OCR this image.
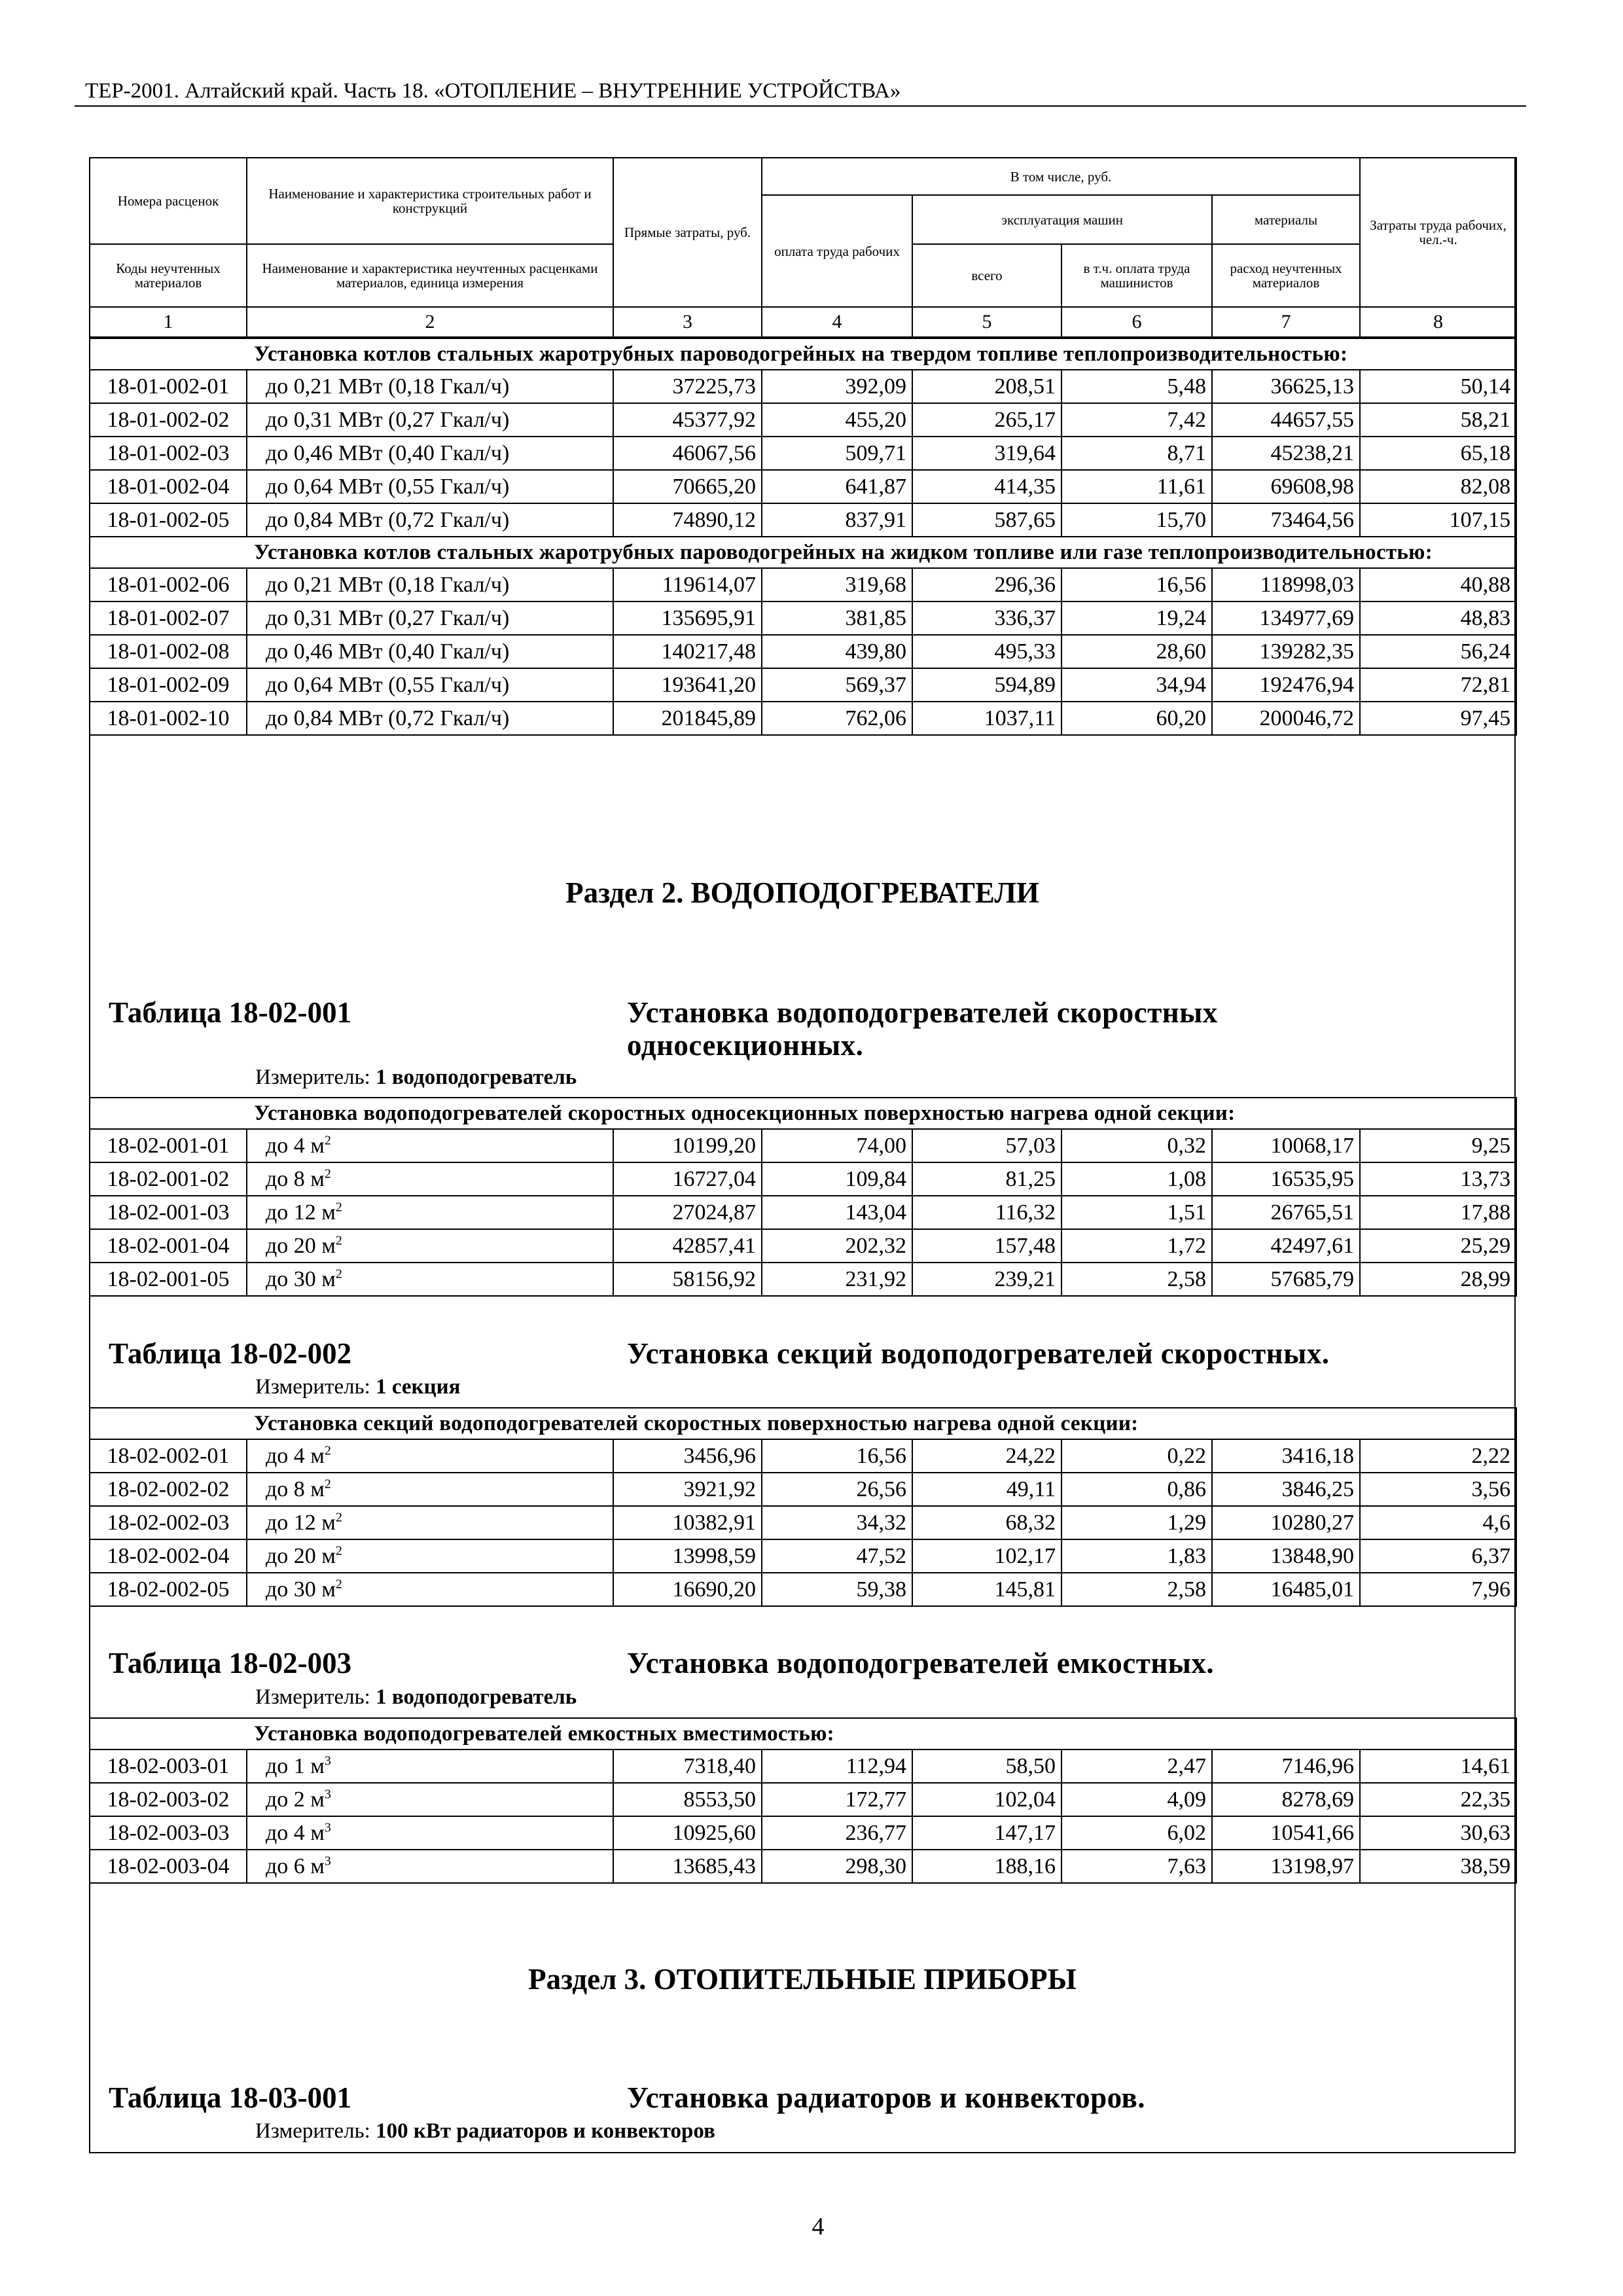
ТЕР-2001. Алтайский край. Часть 18. «ОТОПЛЕНИЕ – ВНУТРЕННИЕ УСТРОЙСТВА»
Номера расценок	Наименование и характеристика строительных работ и конструкций	Прямые затраты, руб.	В том числе, руб.				Затраты труда рабочих, чел.-ч.
			оплата труда рабочих	эксплуатация машин		материалы	
Коды неучтенных материалов	Наименование и характеристика неучтенных расценками материалов, единица измерения			всего	в т.ч. оплата труда машинистов	расход неучтенных материалов	
1	2	3	4	5	6	7	8
Установка котлов стальных жаротрубных пароводогрейных на твердом топливе теплопроизводительностью:							
18-01-002-01	до 0,21 МВт (0,18 Гкал/ч)	37225,73	392,09	208,51	5,48	36625,13	50,14
18-01-002-02	до 0,31 МВт (0,27 Гкал/ч)	45377,92	455,20	265,17	7,42	44657,55	58,21
18-01-002-03	до 0,46 МВт (0,40 Гкал/ч)	46067,56	509,71	319,64	8,71	45238,21	65,18
18-01-002-04	до 0,64 МВт (0,55 Гкал/ч)	70665,20	641,87	414,35	11,61	69608,98	82,08
18-01-002-05	до 0,84 МВт (0,72 Гкал/ч)	74890,12	837,91	587,65	15,70	73464,56	107,15
Установка котлов стальных жаротрубных пароводогрейных на жидком топливе или газе теплопроизводительностью:							
18-01-002-06	до 0,21 МВт (0,18 Гкал/ч)	119614,07	319,68	296,36	16,56	118998,03	40,88
18-01-002-07	до 0,31 МВт (0,27 Гкал/ч)	135695,91	381,85	336,37	19,24	134977,69	48,83
18-01-002-08	до 0,46 МВт (0,40 Гкал/ч)	140217,48	439,80	495,33	28,60	139282,35	56,24
18-01-002-09	до 0,64 МВт (0,55 Гкал/ч)	193641,20	569,37	594,89	34,94	192476,94	72,81
18-01-002-10	до 0,84 МВт (0,72 Гкал/ч)	201845,89	762,06	1037,11	60,20	200046,72	97,45
Раздел 2. ВОДОПОДОГРЕВАТЕЛИ
Таблица 18-02-001	Установка водоподогревателей скоростных односекционных.
Измеритель: 1 водоподогреватель
Установка водоподогревателей скоростных односекционных поверхностью нагрева одной секции:							
18-02-001-01	до 4 $м^2$	10199,20	74,00	57,03	0,32	10068,17	9,25
18-02-001-02	до 8 $м^2$	16727,04	109,84	81,25	1,08	16535,95	13,73
18-02-001-03	до 12 $м^2$	27024,87	143,04	116,32	1,51	26765,51	17,88
18-02-001-04	до 20 $м^2$	42857,41	202,32	157,48	1,72	42497,61	25,29
18-02-001-05	до 30 $м^2$	58156,92	231,92	239,21	2,58	57685,79	28,99
Таблица 18-02-002	Установка секций водоподогревателей скоростных.
Измеритель: 1 секция
Установка секций водоподогревателей скоростных поверхностью нагрева одной секции:							
18-02-002-01	до 4 $м^2$	3456,96	16,56	24,22	0,22	3416,18	2,22
18-02-002-02	до 8 $м^2$	3921,92	26,56	49,11	0,86	3846,25	3,56
18-02-002-03	до 12 $м^2$	10382,91	34,32	68,32	1,29	10280,27	4,6
18-02-002-04	до 20 $м^2$	13998,59	47,52	102,17	1,83	13848,90	6,37
18-02-002-05	до 30 $м^2$	16690,20	59,38	145,81	2,58	16485,01	7,96
Таблица 18-02-003	Установка водоподогревателей емкостных.
Измеритель: 1 водоподогреватель
Установка водоподогревателей емкостных вместимостью:							
18-02-003-01	до 1 $м^3$	7318,40	112,94	58,50	2,47	7146,96	14,61
18-02-003-02	до 2 $м^3$	8553,50	172,77	102,04	4,09	8278,69	22,35
18-02-003-03	до 4 $м^3$	10925,60	236,77	147,17	6,02	10541,66	30,63
18-02-003-04	до 6 $м^3$	13685,43	298,30	188,16	7,63	13198,97	38,59
Раздел 3. ОТОПИТЕЛЬНЫЕ ПРИБОРЫ
Таблица 18-03-001	Установка радиаторов и конвекторов.
Измеритель: 100 кВт радиаторов и конвекторов
4
